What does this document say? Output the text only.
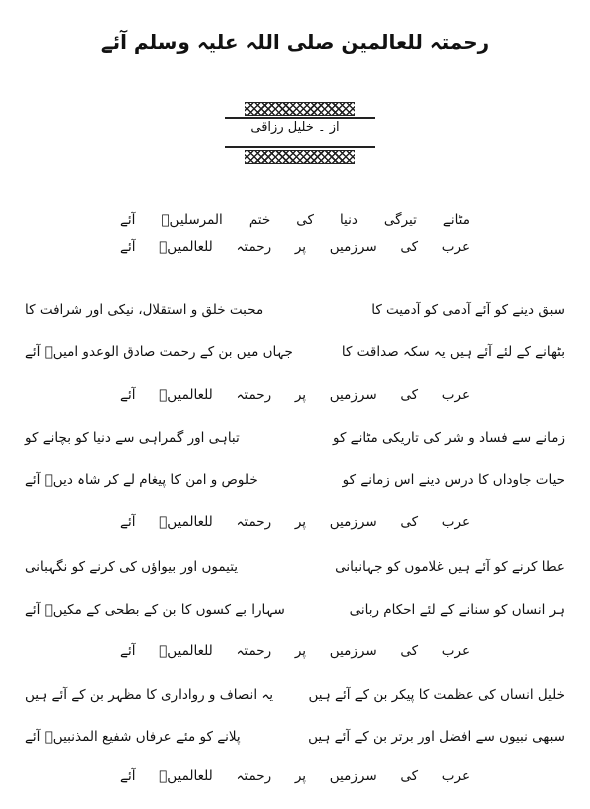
رحمتہ للعالمین صلی اللہ علیہ وسلم آئے
از ۔ خلیل رزاقی
مٹانے
تیرگی
دنیا
کی
ختم
المرسلیںؐ
آئے
عرب
کی
سرزمیں
پر
رحمتہ
للعالمیںؐ
آئے
سبق دینے کو آئے آدمی کو آدمیت کا
محبت خلق و استقلال، نیکی اور شرافت کا
بٹھانے کے لئے آئے ہیں یہ سکہ صداقت کا
جہاں میں بن کے رحمت صادق الوعدو امیںؐ آئے
عرب
کی
سرزمیں
پر
رحمتہ
للعالمیںؐ
آئے
زمانے سے فساد و شر کی تاریکی مٹانے کو
تباہی اور گمراہی سے دنیا کو بچانے کو
حیات جاوداں کا درس دینے اس زمانے کو
خلوص و امن کا پیغام لے کر شاہ دیںؐ آئے
عرب
کی
سرزمیں
پر
رحمتہ
للعالمیںؐ
آئے
عطا کرنے کو آئے ہیں غلاموں کو جہانبانی
یتیموں اور بیواؤں کی کرنے کو نگہبانی
ہر انساں کو سنانے کے لئے احکام ربانی
سہارا بے کسوں کا بن کے بطحی کے مکیںؐ آئے
عرب
کی
سرزمیں
پر
رحمتہ
للعالمیںؐ
آئے
خلیل انساں کی عظمت کا پیکر بن کے آئے ہیں
یہ انصاف و رواداری کا مظہر بن کے آئے ہیں
سبھی نبیوں سے افضل اور برتر بن کے آئے ہیں
پلانے کو مئے عرفاں شفیع المذنبیںؐ آئے
عرب
کی
سرزمیں
پر
رحمتہ
للعالمیںؐ
آئے
